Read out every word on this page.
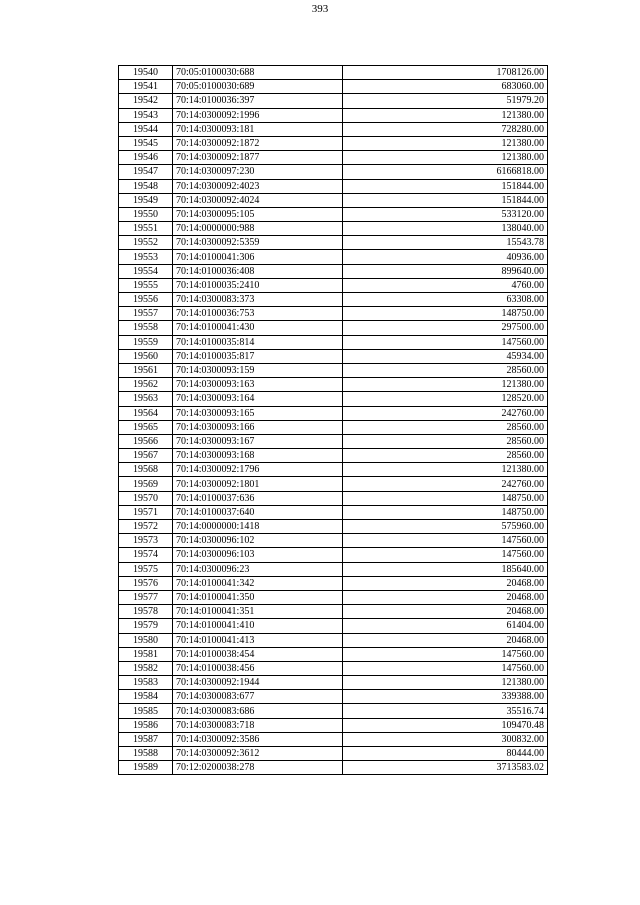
393
19540	70:05:0100030:688	1708126.00
19541	70:05:0100030:689	683060.00
19542	70:14:0100036:397	51979.20
19543	70:14:0300092:1996	121380.00
19544	70:14:0300093:181	728280.00
19545	70:14:0300092:1872	121380.00
19546	70:14:0300092:1877	121380.00
19547	70:14:0300097:230	6166818.00
19548	70:14:0300092:4023	151844.00
19549	70:14:0300092:4024	151844.00
19550	70:14:0300095:105	533120.00
19551	70:14:0000000:988	138040.00
19552	70:14:0300092:5359	15543.78
19553	70:14:0100041:306	40936.00
19554	70:14:0100036:408	899640.00
19555	70:14:0100035:2410	4760.00
19556	70:14:0300083:373	63308.00
19557	70:14:0100036:753	148750.00
19558	70:14:0100041:430	297500.00
19559	70:14:0100035:814	147560.00
19560	70:14:0100035:817	45934.00
19561	70:14:0300093:159	28560.00
19562	70:14:0300093:163	121380.00
19563	70:14:0300093:164	128520.00
19564	70:14:0300093:165	242760.00
19565	70:14:0300093:166	28560.00
19566	70:14:0300093:167	28560.00
19567	70:14:0300093:168	28560.00
19568	70:14:0300092:1796	121380.00
19569	70:14:0300092:1801	242760.00
19570	70:14:0100037:636	148750.00
19571	70:14:0100037:640	148750.00
19572	70:14:0000000:1418	575960.00
19573	70:14:0300096:102	147560.00
19574	70:14:0300096:103	147560.00
19575	70:14:0300096:23	185640.00
19576	70:14:0100041:342	20468.00
19577	70:14:0100041:350	20468.00
19578	70:14:0100041:351	20468.00
19579	70:14:0100041:410	61404.00
19580	70:14:0100041:413	20468.00
19581	70:14:0100038:454	147560.00
19582	70:14:0100038:456	147560.00
19583	70:14:0300092:1944	121380.00
19584	70:14:0300083:677	339388.00
19585	70:14:0300083:686	35516.74
19586	70:14:0300083:718	109470.48
19587	70:14:0300092:3586	300832.00
19588	70:14:0300092:3612	80444.00
19589	70:12:0200038:278	3713583.02
